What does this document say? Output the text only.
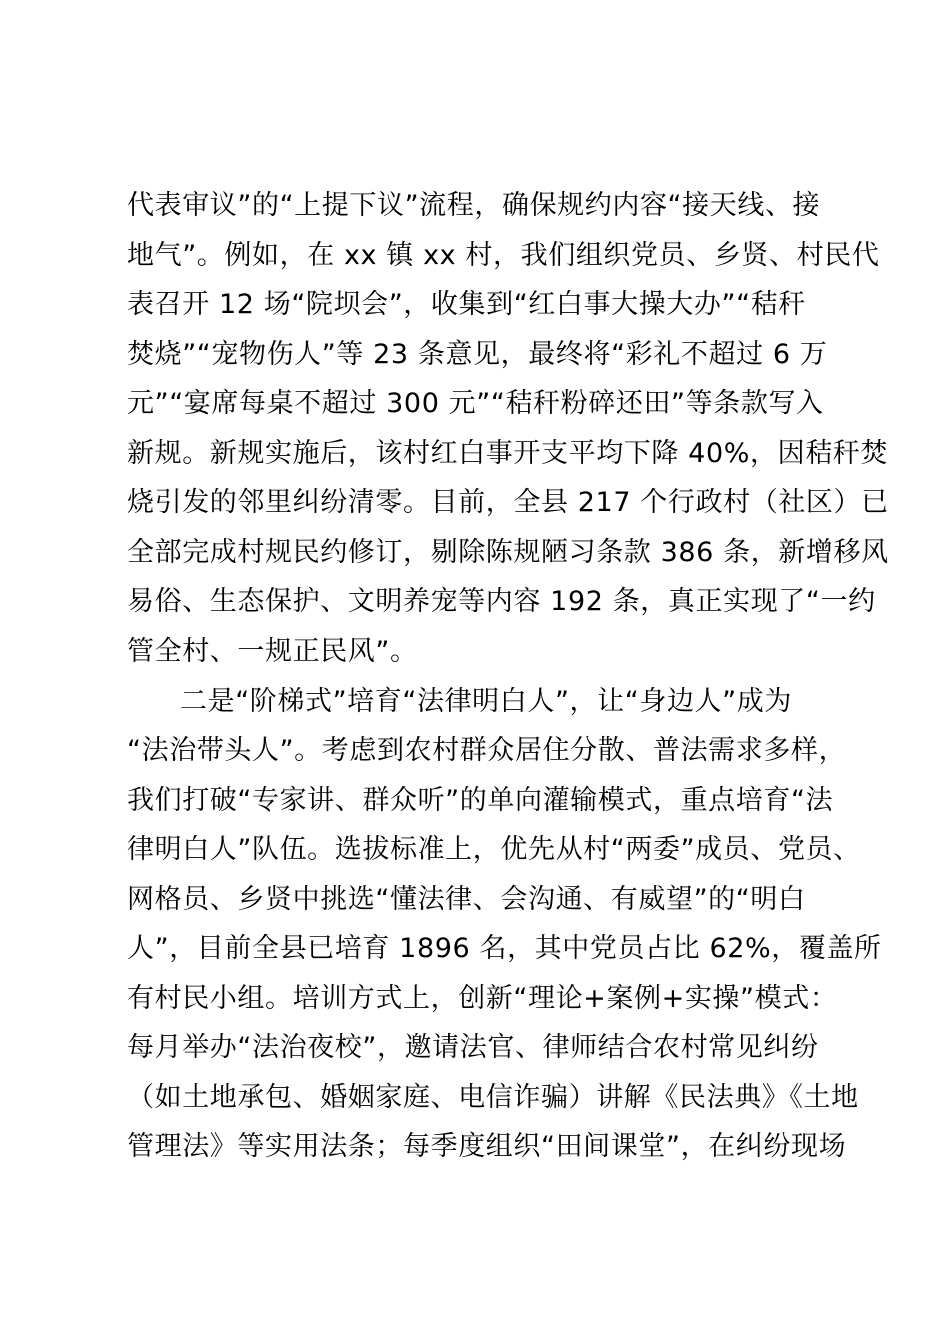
代表审议”的“上提下议”流程，确保规约内容“接天线、接
地气”。例如，在 xx 镇 xx 村，我们组织党员、乡贤、村民代
表召开 12 场“院坝会”，收集到“红白事大操大办”“秸秆
焚烧”“宠物伤人”等 23 条意见，最终将“彩礼不超过 6 万
元”“宴席每桌不超过 300 元”“秸秆粉碎还田”等条款写入
新规。新规实施后，该村红白事开支平均下降 40%，因秸秆焚
烧引发的邻里纠纷清零。目前，全县 217 个行政村（社区）已
全部完成村规民约修订，剔除陈规陋习条款 386 条，新增移风
易俗、生态保护、文明养宠等内容 192 条，真正实现了“一约
管全村、一规正民风”。
二是“阶梯式”培育“法律明白人”，让“身边人”成为
“法治带头人”。考虑到农村群众居住分散、普法需求多样，
我们打破“专家讲、群众听”的单向灌输模式，重点培育“法
律明白人”队伍。选拔标准上，优先从村“两委”成员、党员、
网格员、乡贤中挑选“懂法律、会沟通、有威望”的“明白
人”，目前全县已培育 1896 名，其中党员占比 62%，覆盖所
有村民小组。培训方式上，创新“理论+案例+实操”模式：
每月举办“法治夜校”，邀请法官、律师结合农村常见纠纷
（如土地承包、婚姻家庭、电信诈骗）讲解《民法典》《土地
管理法》等实用法条；每季度组织“田间课堂”，在纠纷现场
